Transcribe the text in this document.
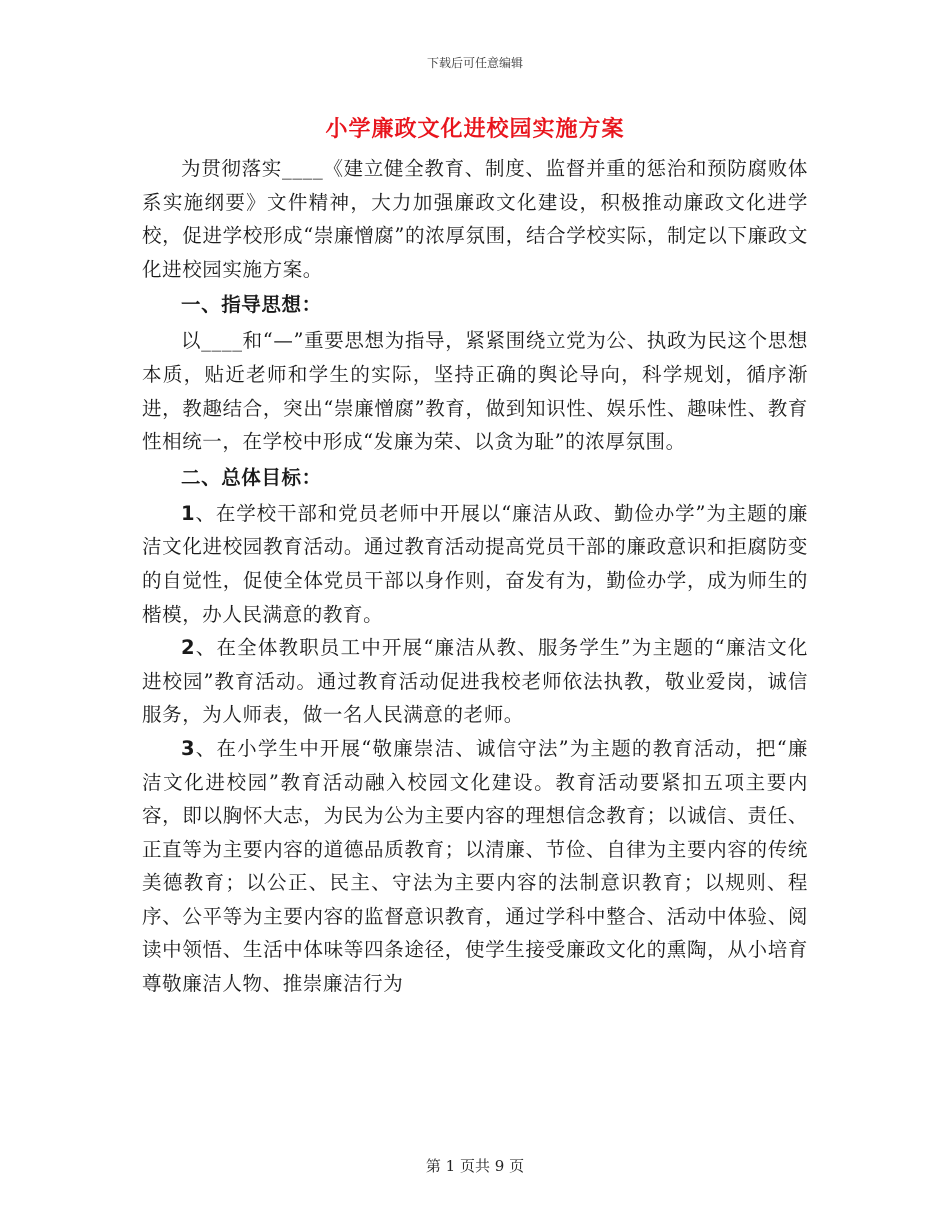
下载后可任意编辑
小学廉政文化进校园实施方案

为贯彻落实____《建立健全教育、制度、监督并重的惩治和预防腐败体系实施纲要》文件精神，大力加强廉政文化建设，积极推动廉政文化进学校，促进学校形成“崇廉憎腐”的浓厚氛围，结合学校实际，制定以下廉政文化进校园实施方案。

一、指导思想：

以____和“—”重要思想为指导，紧紧围绕立党为公、执政为民这个思想本质，贴近老师和学生的实际，坚持正确的舆论导向，科学规划，循序渐进，教趣结合，突出“崇廉憎腐”教育，做到知识性、娱乐性、趣味性、教育性相统一，在学校中形成“发廉为荣、以贪为耻”的浓厚氛围。

二、总体目标：

1、在学校干部和党员老师中开展以“廉洁从政、勤俭办学”为主题的廉洁文化进校园教育活动。通过教育活动提高党员干部的廉政意识和拒腐防变的自觉性，促使全体党员干部以身作则，奋发有为，勤俭办学，成为师生的楷模，办人民满意的教育。

2、在全体教职员工中开展“廉洁从教、服务学生”为主题的“廉洁文化进校园”教育活动。通过教育活动促进我校老师依法执教，敬业爱岗，诚信服务，为人师表，做一名人民满意的老师。

3、在小学生中开展“敬廉崇洁、诚信守法”为主题的教育活动，把“廉洁文化进校园”教育活动融入校园文化建设。教育活动要紧扣五项主要内容，即以胸怀大志，为民为公为主要内容的理想信念教育；以诚信、责任、正直等为主要内容的道德品质教育；以清廉、节俭、自律为主要内容的传统美德教育；以公正、民主、守法为主要内容的法制意识教育；以规则、程序、公平等为主要内容的监督意识教育，通过学科中整合、活动中体验、阅读中领悟、生活中体味等四条途径，使学生接受廉政文化的熏陶，从小培育尊敬廉洁人物、推崇廉洁行为

第 1 页共 9 页
